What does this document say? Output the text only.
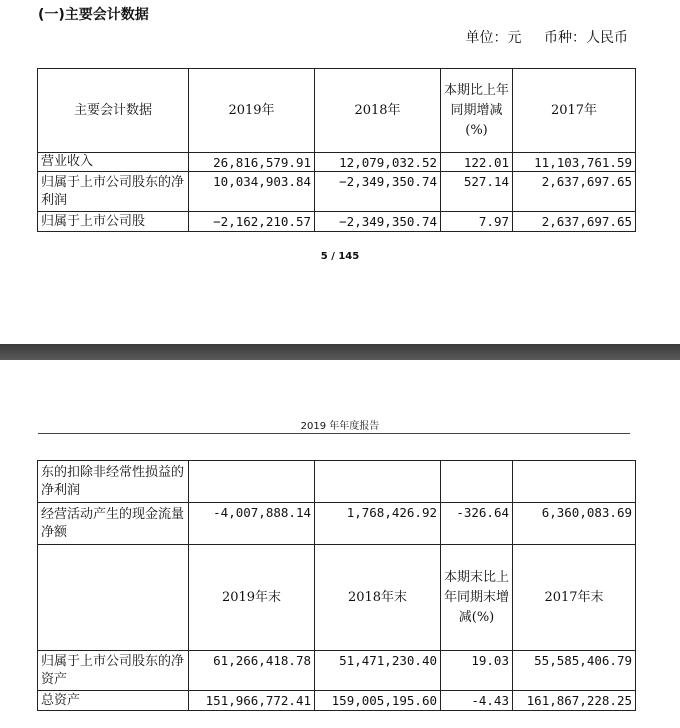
(一)主要会计数据
单位：元 币种：人民币
主要会计数据	2019年	2018年	本期比上年同期增减(%)	2017年
营业收入	26,816,579.91	12,079,032.52	122.01	11,103,761.59
归属于上市公司股东的净利润	10,034,903.84	−2,349,350.74	527.14	2,637,697.65
归属于上市公司股	−2,162,210.57	−2,349,350.74	7.97	2,637,697.65
5 / 145
2019 年年度报告
东的扣除非经常性损益的净利润				
经营活动产生的现金流量净额	-4,007,888.14	1,768,426.92	-326.64	6,360,083.69
	2019年末	2018年末	本期末比上年同期末增减(%)	2017年末
归属于上市公司股东的净资产	61,266,418.78	51,471,230.40	19.03	55,585,406.79
总资产	151,966,772.41	159,005,195.60	-4.43	161,867,228.25
